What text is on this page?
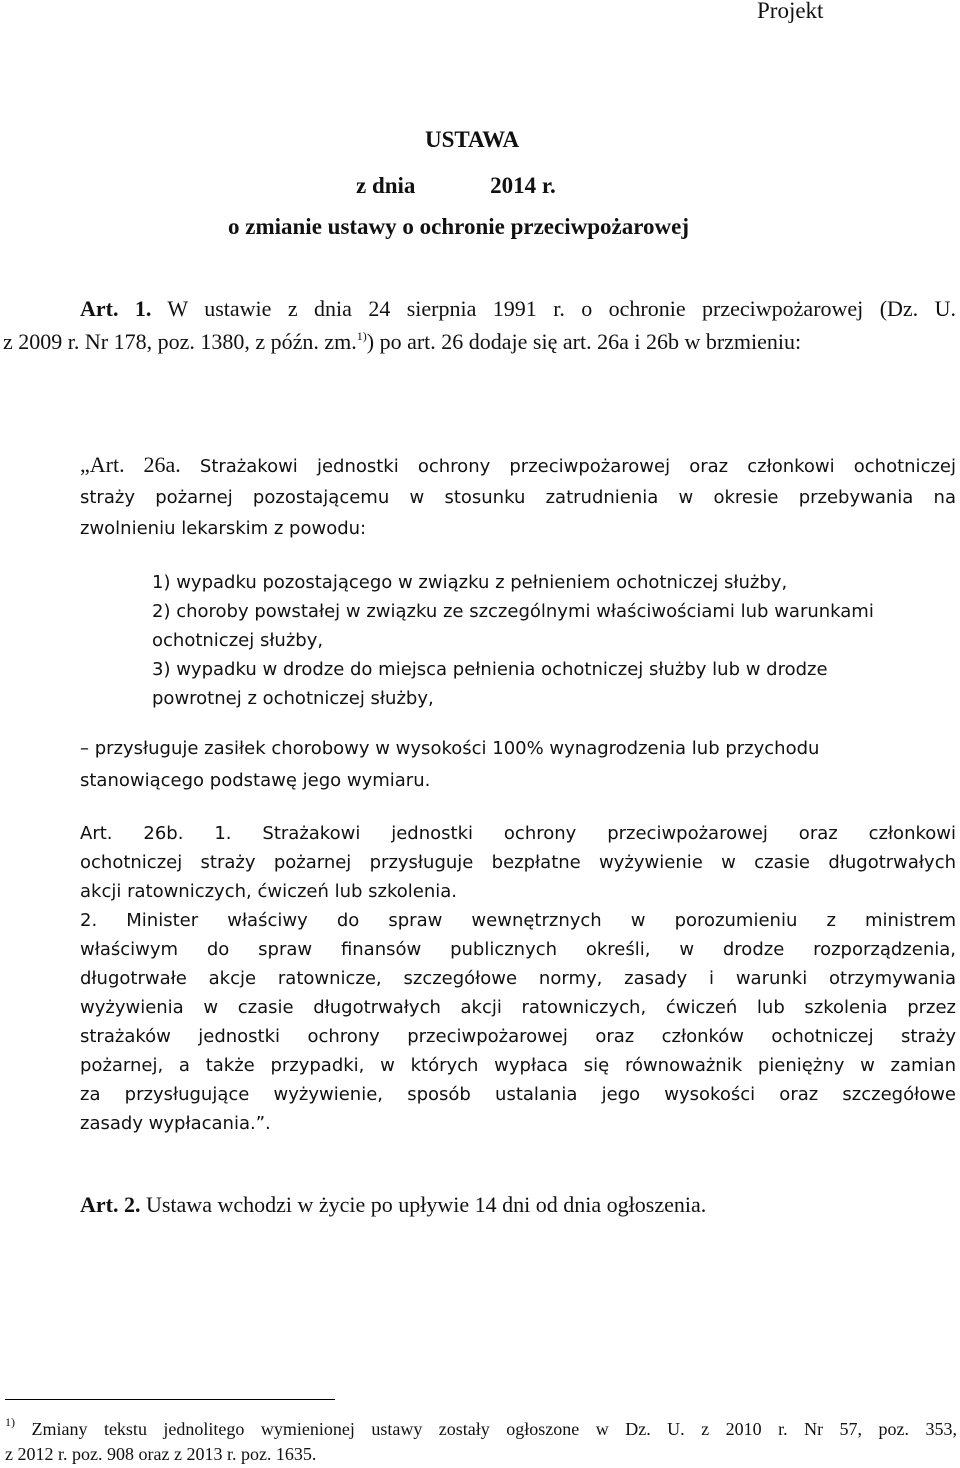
Projekt
USTAWA
z dnia             2014 r.
o zmianie ustawy o ochronie przeciwpożarowej
Art. 1. W ustawie z dnia 24 sierpnia 1991 r. o ochronie przeciwpożarowej (Dz. U.
z 2009 r. Nr 178, poz. 1380, z późn. zm.$^{1)}$) po art. 26 dodaje się art. 26a i 26b w brzmieniu:
„Art. 26a. Strażakowi jednostki ochrony przeciwpożarowej oraz członkowi ochotniczej
straży pożarnej pozostającemu w stosunku zatrudnienia w okresie przebywania na
zwolnieniu lekarskim z powodu:
1) wypadku pozostającego w związku z pełnieniem ochotniczej służby,
2) choroby powstałej w związku ze szczególnymi właściwościami lub warunkami
ochotniczej służby,
3) wypadku w drodze do miejsca pełnienia ochotniczej służby lub w drodze
powrotnej z ochotniczej służby,
– przysługuje zasiłek chorobowy w wysokości 100% wynagrodzenia lub przychodu
stanowiącego podstawę jego wymiaru.
Art. 26b. 1. Strażakowi jednostki ochrony przeciwpożarowej oraz członkowi
ochotniczej straży pożarnej przysługuje bezpłatne wyżywienie w czasie długotrwałych
akcji ratowniczych, ćwiczeń lub szkolenia.
2. Minister właściwy do spraw wewnętrznych w porozumieniu z ministrem
właściwym do spraw finansów publicznych określi, w drodze rozporządzenia,
długotrwałe akcje ratownicze, szczegółowe normy, zasady i warunki otrzymywania
wyżywienia w czasie długotrwałych akcji ratowniczych, ćwiczeń lub szkolenia przez
strażaków jednostki ochrony przeciwpożarowej oraz członków ochotniczej straży
pożarnej, a także przypadki, w których wypłaca się równoważnik pieniężny w zamian
za przysługujące wyżywienie, sposób ustalania jego wysokości oraz szczegółowe
zasady wypłacania.”.
Art. 2. Ustawa wchodzi w życie po upływie 14 dni od dnia ogłoszenia.
$^{1)}$ Zmiany tekstu jednolitego wymienionej ustawy zostały ogłoszone w Dz. U. z 2010 r. Nr 57, poz. 353,
z 2012 r. poz. 908 oraz z 2013 r. poz. 1635.
